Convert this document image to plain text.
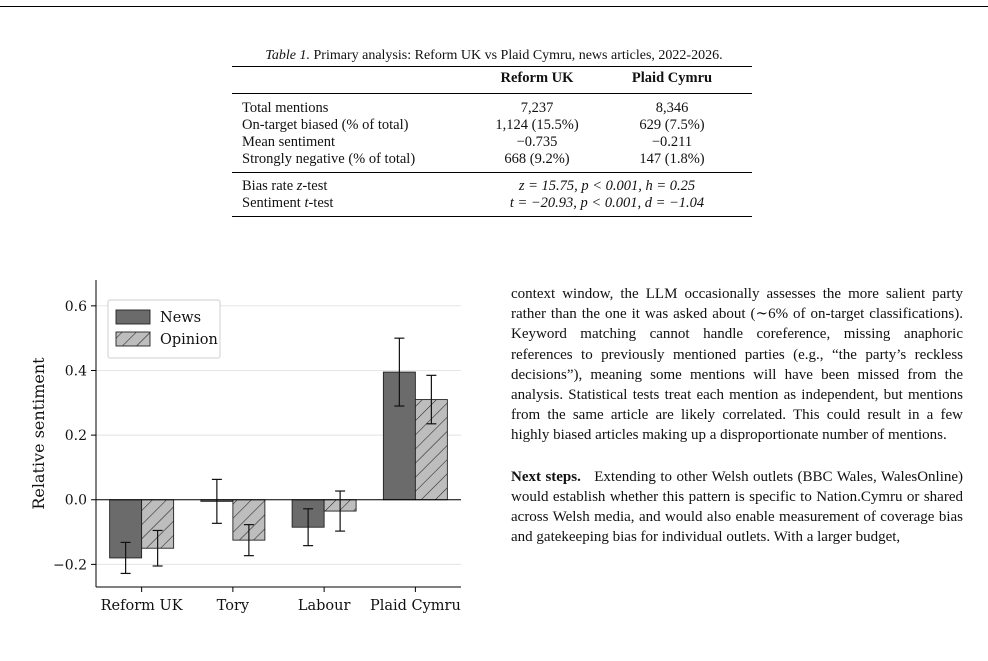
Table 1. Primary analysis: Reform UK vs Plaid Cymru, news articles, 2022-2026.
Reform UK	Plaid Cymru
Total mentions	7,237	8,346
On-target biased (% of total)	1,124 (15.5%)	629 (7.5%)
Mean sentiment	−0.735	−0.211
Strongly negative (% of total)	668 (9.2%)	147 (1.8%)
Bias rate z-test	z = 15.75, p < 0.001, h = 0.25
Sentiment t-test	t = −20.93, p < 0.001, d = −1.04
−0.2
0.0
0.2
0.4
0.6
Reform UK Tory	Labour Plaid Cymru
Relative sentiment
News
Opinion

context window, the LLM occasionally assesses the more salient party rather than the one it was asked about (∼6% of on-target classifications). Keyword matching cannot handle coreference, missing anaphoric references to previously mentioned parties (e.g., “the party’s reckless decisions”), meaning some mentions will have been missed from the analysis. Statistical tests treat each mention as independent, but mentions from the same article are likely correlated. This could result in a few highly biased articles making up a disproportionate number of mentions.

Next steps. Extending to other Welsh outlets (BBC Wales, WalesOnline) would establish whether this pattern is specific to Nation.Cymru or shared across Welsh media, and would also enable measurement of coverage bias and gatekeeping bias for individual outlets. With a larger budget,
